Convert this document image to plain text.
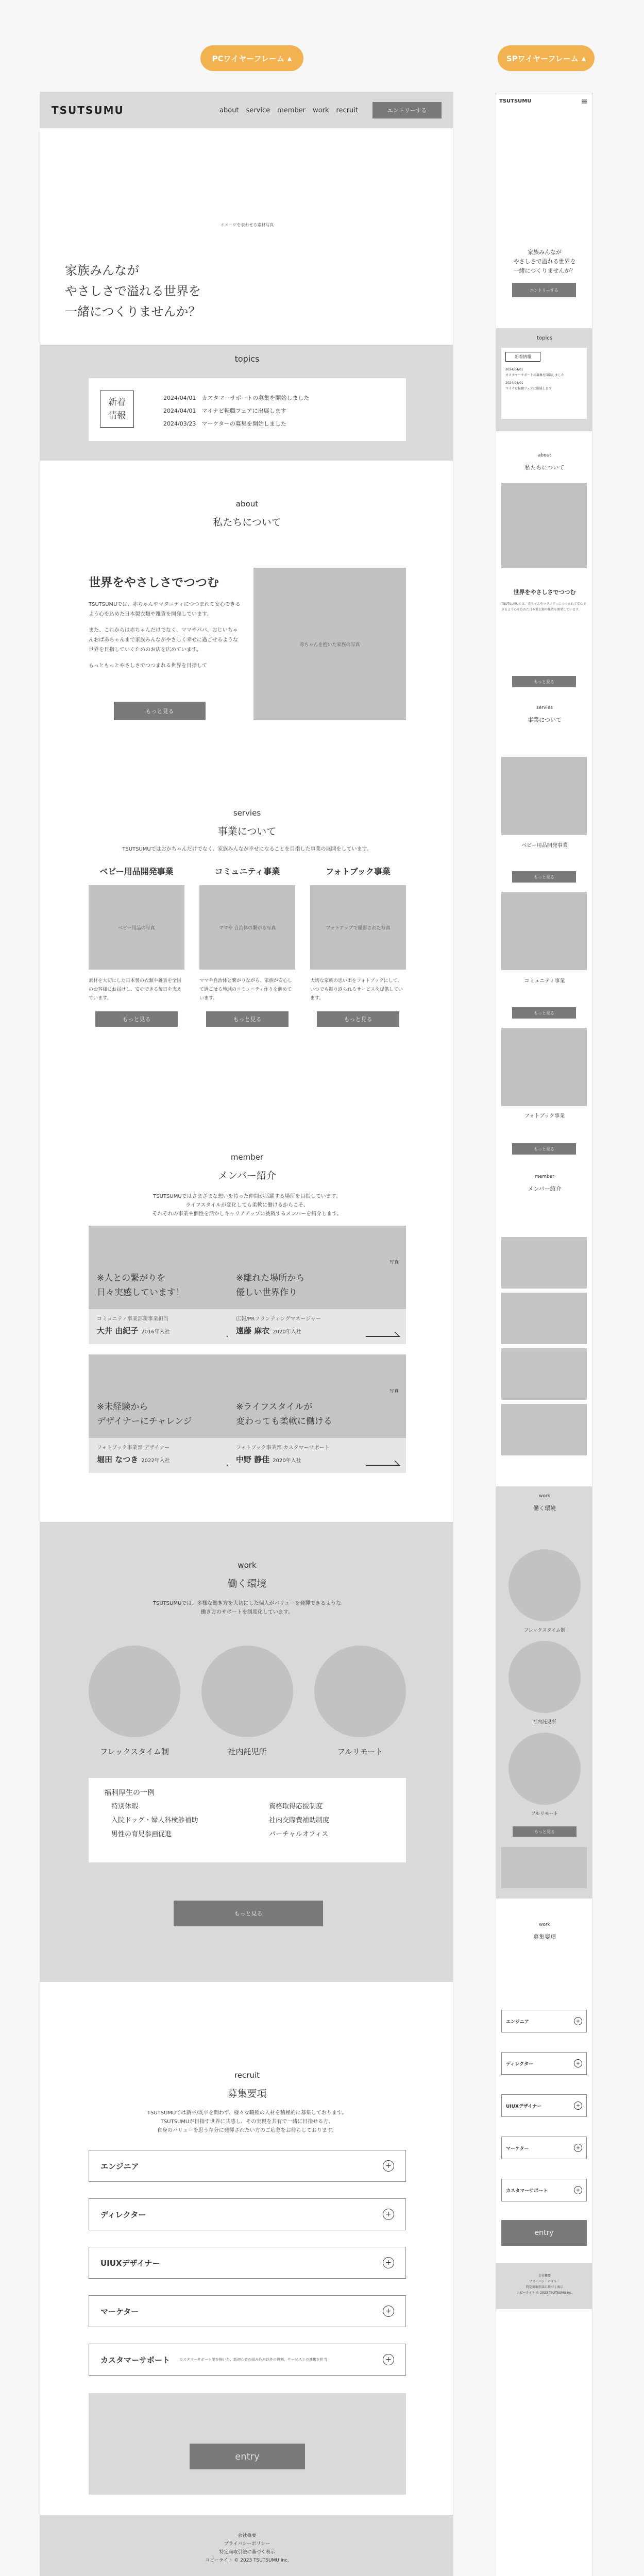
PCワイヤーフレーム ▲	SPワイヤーフレーム ▲
TSUTSUMU	about service member work recruit	エントリーする
イメージを表わせる素材写真
家族みんなが
やさしさで溢れる世界を
一緒につくりませんか？
topics
新着
情報
2024/04/01　 カスタマーサポートの募集を開始しました
2024/04/01　 マイナビ転職フェアに出展します
2024/03/23　 マーケターの募集を開始しました
about
私たちについて
世界をやさしさでつつむ

TSUTSUMUでは、赤ちゃんやマタニティにつつまれて安心できるよう心を込めた日本製衣類や雑貨を開発しています。

また、これからは赤ちゃんだけでなく、ママやパパ、おじいちゃんおばあちゃんまで家族みんながやさしく幸せに過ごせるような世界を目指していくためのお店を広めています。

もっともっとやさしさでつつまれる世界を目指して

赤ちゃんを抱いた家族の写真
もっと見る
servies
事業について
TSUTSUMUではおかちゃんだけでなく、家族みんなが幸せになることを目指した事業の展開をしています。
ベビー用品開発事業
ベビー用品の写真
素材を大切にした日本製の衣類や雑貨を全国のお客様にお届けし、安心できる毎日を支えています。
もっと見る
コミュニティ事業
ママや 自治体の繋がる写真
ママや自治体と繋がりながら、家族が安心して過ごせる地域のコミュニティ作りを進めています。
もっと見る
フォトブック事業
フォトアップで撮影された写真
大切な家族の思い出をフォトブックにして、いつでも振り返られるサービスを提供しています。
もっと見る
member
メンバー紹介
TSUTSUMUではさまざまな想いを持った仲間が活躍する場所を目指しています。
ライフスタイルが変化しても柔軟に働けるからこそ、
それぞれの事業や個性を活かしキャリアアップに挑戦するメンバーを紹介します。
※人との繋がりを
日々実感しています！
コミュニティ事業部新事業担当
大井 由紀子 2016年入社
写真
※離れた場所から
優しい世界作り
広報/PRフランティングマネージャー
遠藤 麻衣 2020年入社
※未経験から
デザイナーにチャレンジ
フォトブック事業部 デザイナー
堀田 なつき 2022年入社
写真
※ライフスタイルが
変わっても柔軟に働ける
フォトブック事業部 カスタマーサポート
中野 静佳 2020年入社
work
働く環境
TSUTSUMUでは、多様な働き方を大切にした個人がバリューを発揮できるような
働き方のサポートを制度化しています。
フレックスタイム制	社内託児所	フルリモート
福利厚生の一例
特別休暇
入院ドッグ・婦人科検診補助
男性の育児参画促進
資格取得応援制度
社内交際費補助制度
バーチャルオフィス
もっと見る
recruit
募集要項
TSUTSUMUでは新卒/既卒を問わず、様々な職種の人材を積極的に募集しております。
TSUTSUMUが目指す世界に共感し、その実現を共有で一緒に目指せる方、
自身のバリューを思う存分に発揮されたい方のご応募をお待ちしております。
エンジニア	+
ディレクター	+
UIUXデザイナー	+
マーケター	+
カスタマーサポート	カスタマーサポート業を描いた、新初心者の組み込み以外の役割、サービスとの連携を担当	+
entry
会社概要
プライバシーポリシー
特定商取引法に基づく表示
コピーライト © 2023 TSUTSUMU inc.
TSUTSUMU	≡
家族みんなが
やさしさで溢れる世界を
一緒につくりませんか？
エントリーする
topics
新着情報
2024/04/01
カスタマーサポートの募集を開始しました
2024/04/01
マイナビ転職フェアに出展します
about
私たちについて
世界をやさしさでつつむ
TSUTSUMUでは、赤ちゃんやマタニティにつつまれて安心できるよう心を込めた日本製衣類や雑貨を開発しています。
もっと見る
servies
事業について
ベビー用品開発事業
もっと見る
コミュニティ事業
もっと見る
フォトブック事業
もっと見る
member
メンバー紹介
work
働く環境
フレックスタイム制
社内託児所
フルリモート
もっと見る
work
募集要項
エンジニア	+
ディレクター	+
UIUXデザイナー	+
マーケター	+
カスタマーサポート	+
entry
会社概要
プライバシーポリシー
特定商取引法に基づく表示
コピーライト © 2023 TSUTSUMU inc.
